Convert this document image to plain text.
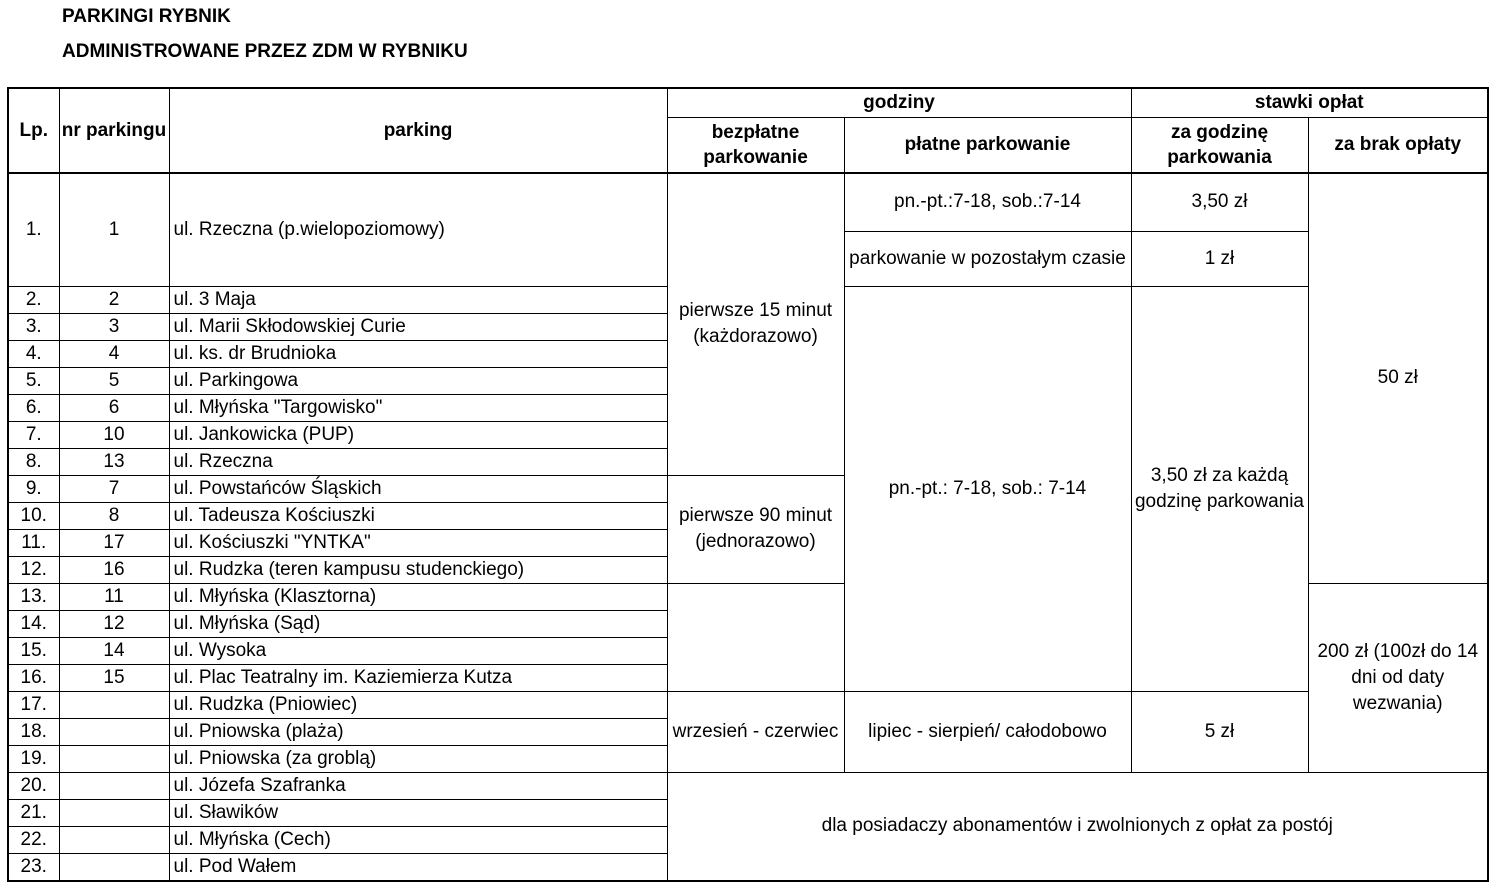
PARKINGI RYBNIK
ADMINISTROWANE PRZEZ ZDM W RYBNIKU
Lp.	nr parkingu	parking	godziny		stawki opłat	
			bezpłatne parkowanie	płatne parkowanie	za godzinę parkowania	za brak opłaty
1.	1	ul. Rzeczna (p.wielopoziomowy)	pierwsze 15 minut (każdorazowo)	pn.-pt.:7-18, sob.:7-14	3,50 zł	50 zł
				parkowanie w pozostałym czasie	1 zł	
2.	2	ul. 3 Maja		pn.-pt.: 7-18, sob.: 7-14	3,50 zł za każdą godzinę parkowania	
3.	3	ul. Marii Skłodowskiej Curie				
4.	4	ul. ks. dr Brudnioka				
5.	5	ul. Parkingowa				
6.	6	ul. Młyńska "Targowisko"				
7.	10	ul. Jankowicka (PUP)				
8.	13	ul. Rzeczna				
9.	7	ul. Powstańców Śląskich	pierwsze 90 minut (jednorazowo)			
10.	8	ul. Tadeusza Kościuszki				
11.	17	ul. Kościuszki "YNTKA"				
12.	16	ul. Rudzka (teren kampusu studenckiego)				
13.	11	ul. Młyńska (Klasztorna)				200 zł (100zł do 14 dni od daty wezwania)
14.	12	ul. Młyńska (Sąd)				
15.	14	ul. Wysoka				
16.	15	ul. Plac Teatralny im. Kaziemierza Kutza				
17.		ul. Rudzka (Pniowiec)	wrzesień - czerwiec	lipiec - sierpień/ całodobowo	5 zł	
18.		ul. Pniowska (plaża)				
19.		ul. Pniowska (za groblą)				
20.		ul. Józefa Szafranka	dla posiadaczy abonamentów i zwolnionych z opłat za postój			
21.		ul. Sławików				
22.		ul. Młyńska (Cech)				
23.		ul. Pod Wałem				
